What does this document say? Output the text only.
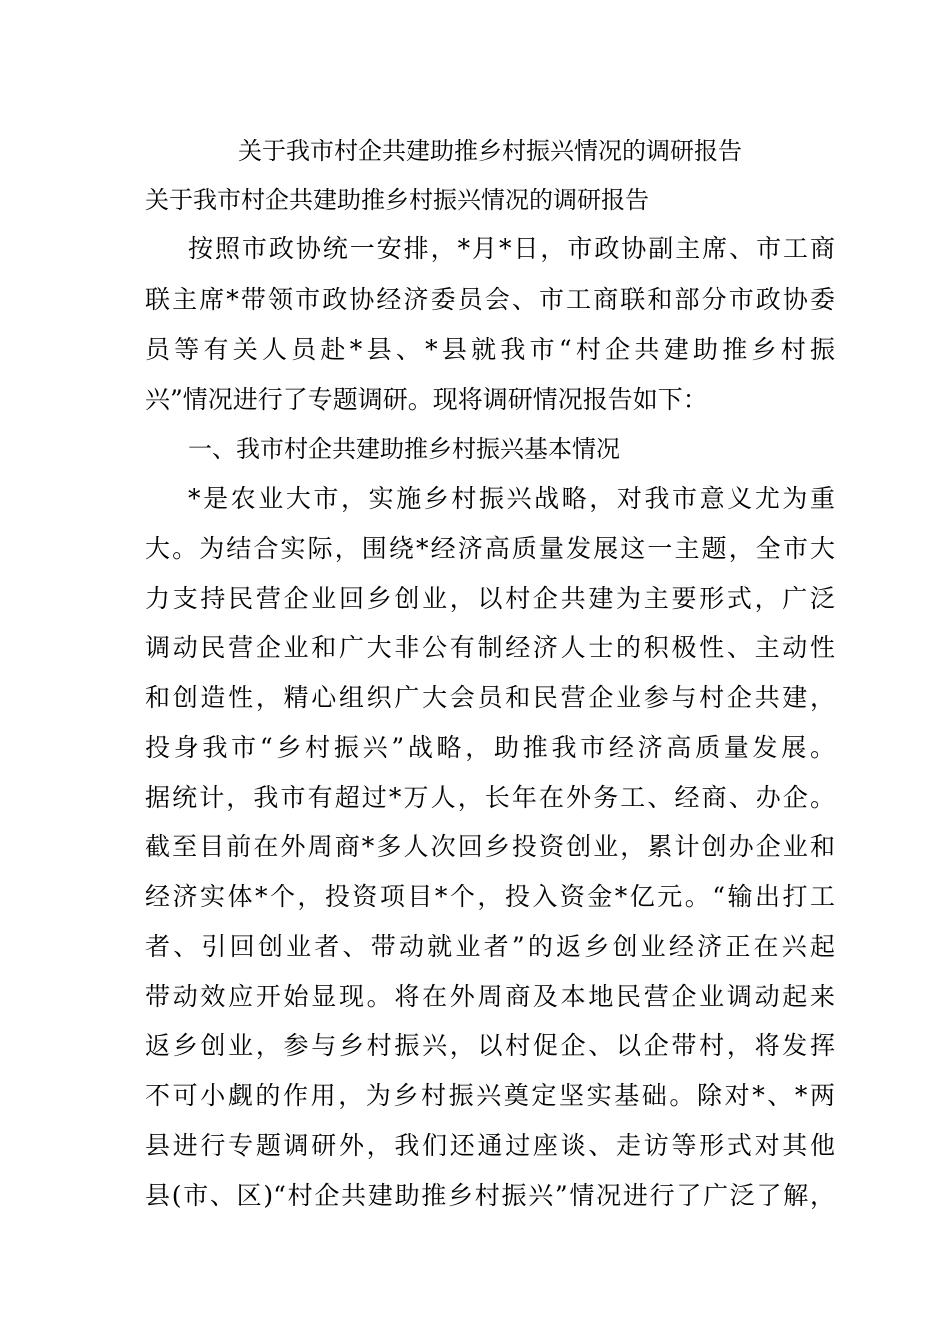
关于我市村企共建助推乡村振兴情况的调研报告
关于我市村企共建助推乡村振兴情况的调研报告
按照市政协统一安排，*月*日，市政协副主席、市工商
联主席*带领市政协经济委员会、市工商联和部分市政协委
员等有关人员赴*县、*县就我市“村企共建助推乡村振
兴”情况进行了专题调研。现将调研情况报告如下：
一、我市村企共建助推乡村振兴基本情况
*是农业大市，实施乡村振兴战略，对我市意义尤为重
大。为结合实际，围绕*经济高质量发展这一主题，全市大
力支持民营企业回乡创业，以村企共建为主要形式，广泛
调动民营企业和广大非公有制经济人士的积极性、主动性
和创造性，精心组织广大会员和民营企业参与村企共建，
投身我市“乡村振兴”战略，助推我市经济高质量发展。
据统计，我市有超过*万人，长年在外务工、经商、办企。
截至目前在外周商*多人次回乡投资创业，累计创办企业和
经济实体*个，投资项目*个，投入资金*亿元。“输出打工
者、引回创业者、带动就业者”的返乡创业经济正在兴起
带动效应开始显现。将在外周商及本地民营企业调动起来
返乡创业，参与乡村振兴，以村促企、以企带村，将发挥
不可小觑的作用，为乡村振兴奠定坚实基础。除对*、*两
县进行专题调研外，我们还通过座谈、走访等形式对其他
县(市、区)“村企共建助推乡村振兴”情况进行了广泛了解，
